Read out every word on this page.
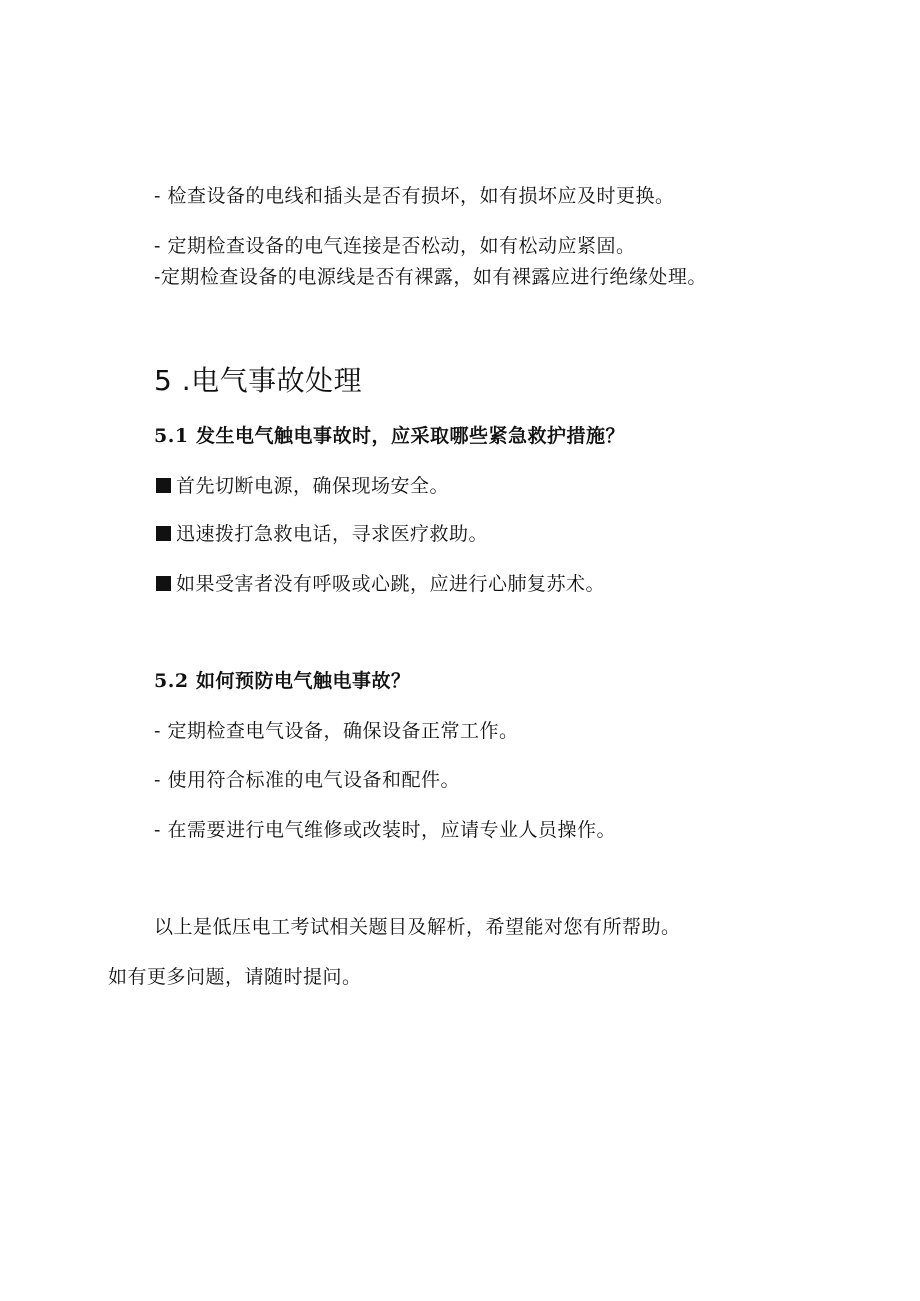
- 检查设备的电线和插头是否有损坏，如有损坏应及时更换。
- 定期检查设备的电气连接是否松动，如有松动应紧固。
-定期检查设备的电源线是否有裸露，如有裸露应进行绝缘处理。
5 .电气事故处理
5.1 发生电气触电事故时，应采取哪些紧急救护措施？
首先切断电源，确保现场安全。
迅速拨打急救电话，寻求医疗救助。
如果受害者没有呼吸或心跳，应进行心肺复苏术。
5.2 如何预防电气触电事故？
- 定期检查电气设备，确保设备正常工作。
- 使用符合标准的电气设备和配件。
- 在需要进行电气维修或改装时，应请专业人员操作。
以上是低压电工考试相关题目及解析，希望能对您有所帮助。
如有更多问题，请随时提问。
